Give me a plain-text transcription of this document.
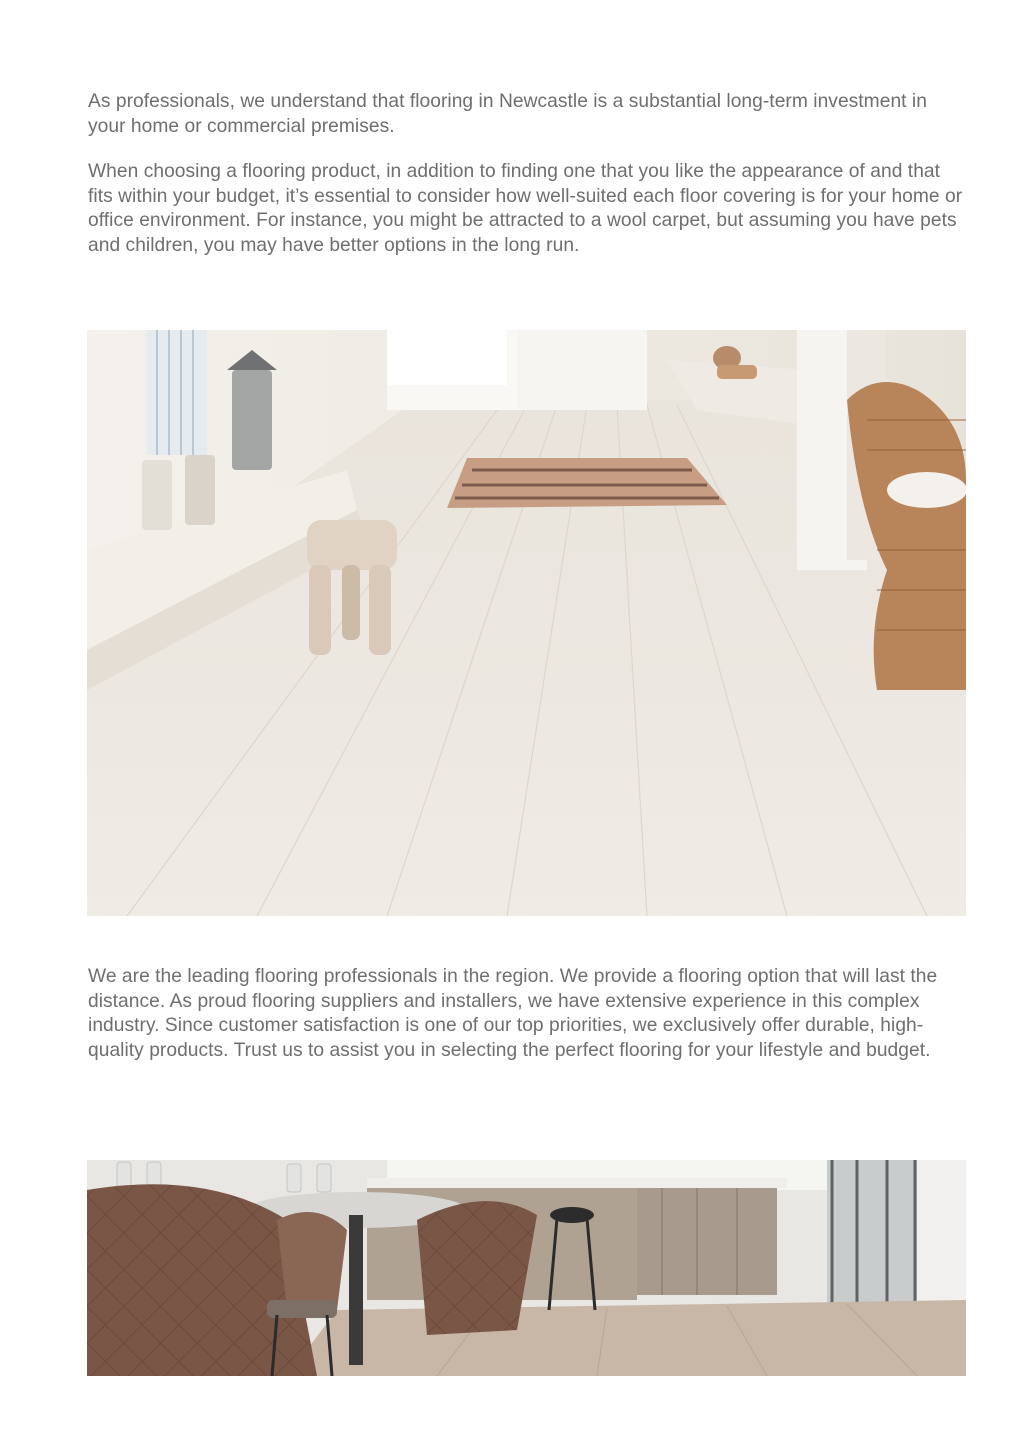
As professionals, we understand that flooring in Newcastle is a substantial long-term investment in your home or commercial premises.

When choosing a flooring product, in addition to finding one that you like the appearance of and that fits within your budget, it’s essential to consider how well-suited each floor covering is for your home or office environment. For instance, you might be attracted to a wool carpet, but assuming you have pets and children, you may have better options in the long run.

We are the leading flooring professionals in the region. We provide a flooring option that will last the distance. As proud flooring suppliers and installers, we have extensive experience in this complex industry. Since customer satisfaction is one of our top priorities, we exclusively offer durable, high-quality products. Trust us to assist you in selecting the perfect flooring for your lifestyle and budget.
